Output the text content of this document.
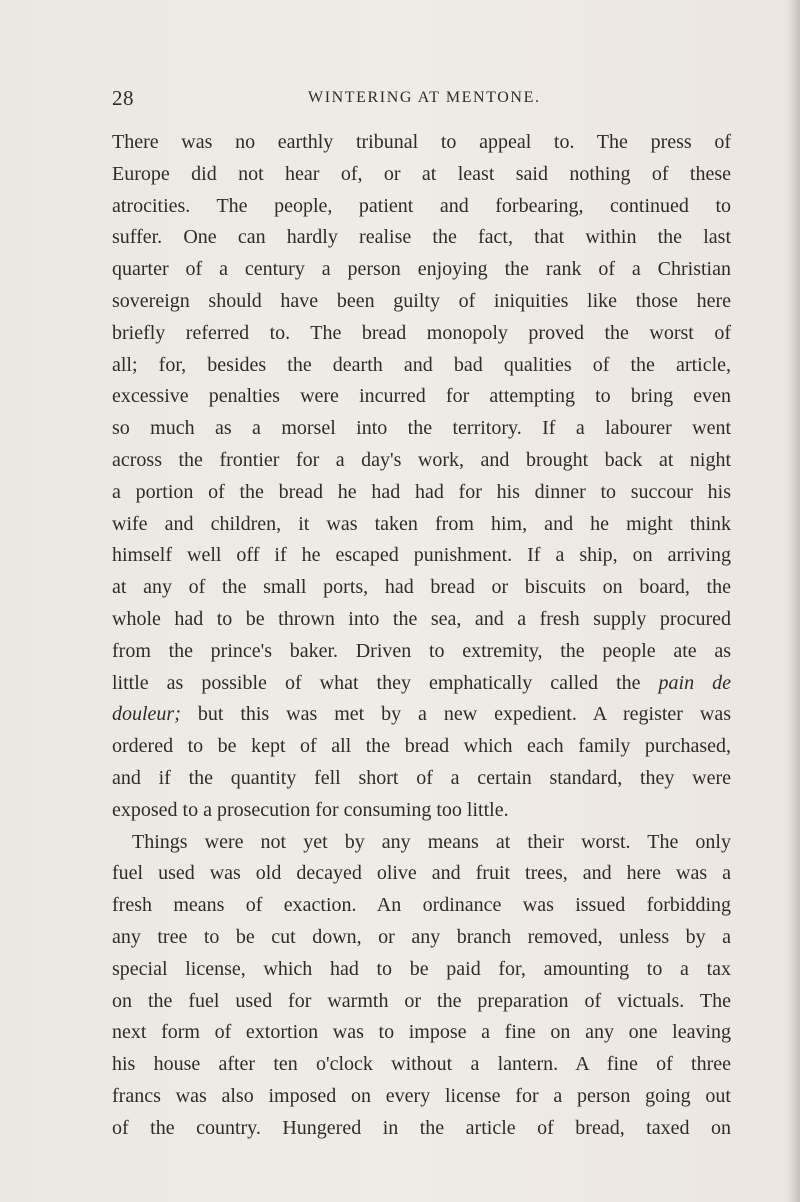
28	WINTERING AT MENTONE.
There was no earthly tribunal to appeal to. The press of
Europe did not hear of, or at least said nothing of these
atrocities. The people, patient and forbearing, continued to
suffer. One can hardly realise the fact, that within the last
quarter of a century a person enjoying the rank of a Christian
sovereign should have been guilty of iniquities like those here
briefly referred to. The bread monopoly proved the worst of
all; for, besides the dearth and bad qualities of the article,
excessive penalties were incurred for attempting to bring even
so much as a morsel into the territory. If a labourer went
across the frontier for a day's work, and brought back at night
a portion of the bread he had had for his dinner to succour his
wife and children, it was taken from him, and he might think
himself well off if he escaped punishment. If a ship, on arriving
at any of the small ports, had bread or biscuits on board, the
whole had to be thrown into the sea, and a fresh supply procured
from the prince's baker. Driven to extremity, the people ate as
little as possible of what they emphatically called the pain de
douleur; but this was met by a new expedient. A register was
ordered to be kept of all the bread which each family purchased,
and if the quantity fell short of a certain standard, they were
exposed to a prosecution for consuming too little.
Things were not yet by any means at their worst. The only
fuel used was old decayed olive and fruit trees, and here was a
fresh means of exaction. An ordinance was issued forbidding
any tree to be cut down, or any branch removed, unless by a
special license, which had to be paid for, amounting to a tax
on the fuel used for warmth or the preparation of victuals. The
next form of extortion was to impose a fine on any one leaving
his house after ten o'clock without a lantern. A fine of three
francs was also imposed on every license for a person going out
of the country. Hungered in the article of bread, taxed on
